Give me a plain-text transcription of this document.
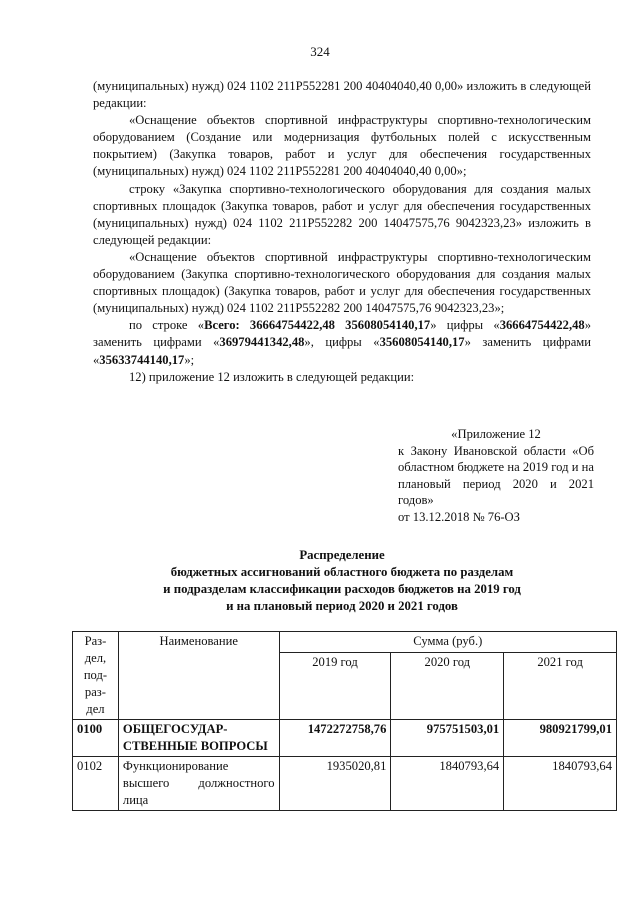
324

(муниципальных) нужд) 024 1102 211P552281 200 40404040,40 0,00» изложить в следующей редакции:

«Оснащение объектов спортивной инфраструктуры спортивно-технологическим оборудованием (Создание или модернизация футбольных полей с искусственным покрытием) (Закупка товаров, работ и услуг для обеспечения государственных (муниципальных) нужд) 024 1102 211P552281 200 40404040,40 0,00»;

строку «Закупка спортивно-технологического оборудования для создания малых спортивных площадок (Закупка товаров, работ и услуг для обеспечения государственных (муниципальных) нужд) 024 1102 211P552282 200 14047575,76 9042323,23» изложить в следующей редакции:

«Оснащение объектов спортивной инфраструктуры спортивно-технологическим оборудованием (Закупка спортивно-технологического оборудования для создания малых спортивных площадок) (Закупка товаров, работ и услуг для обеспечения государственных (муниципальных) нужд) 024 1102 211P552282 200 14047575,76 9042323,23»;

по строке «Всего: 36664754422,48 35608054140,17» цифры «36664754422,48» заменить цифрами «36979441342,48», цифры «35608054140,17» заменить цифрами «35633744140,17»;

12) приложение 12 изложить в следующей редакции:

«Приложение 12

к Закону Ивановской области «Об областном бюджете на 2019 год и на плановый период 2020 и 2021 годов»

от 13.12.2018 № 76-ОЗ

Распределение
бюджетных ассигнований областного бюджета по разделам
и подразделам классификации расходов бюджетов на 2019 год
и на плановый период 2020 и 2021 годов
Раз-дел, под-раз-дел	Наименование	Сумма (руб.)		
		2019 год	2020 год	2021 год
0100	ОБЩЕГОСУДАР-СТВЕННЫЕ ВОПРОСЫ	1472272758,76	975751503,01	980921799,01
0102	Функционирование высшего должностного лица	1935020,81	1840793,64	1840793,64
